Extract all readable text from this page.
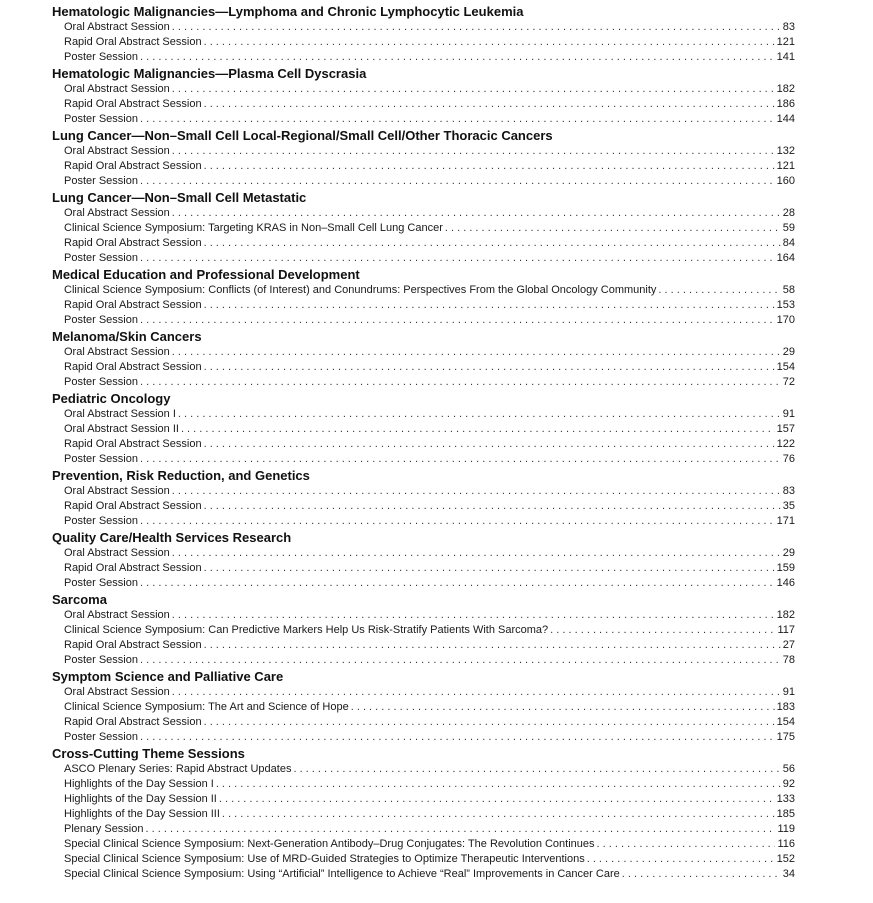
Hematologic Malignancies—Lymphoma and Chronic Lymphocytic Leukemia
Oral Abstract Session . . .	83
Rapid Oral Abstract Session . . .	121
Poster Session . . .	141
Hematologic Malignancies—Plasma Cell Dyscrasia
Oral Abstract Session . . .	182
Rapid Oral Abstract Session . . .	186
Poster Session . . .	144
Lung Cancer—Non–Small Cell Local-Regional/Small Cell/Other Thoracic Cancers
Oral Abstract Session . . .	132
Rapid Oral Abstract Session . . .	121
Poster Session . . .	160
Lung Cancer—Non–Small Cell Metastatic
Oral Abstract Session . . .	28
Clinical Science Symposium: Targeting KRAS in Non–Small Cell Lung Cancer . . .	59
Rapid Oral Abstract Session . . .	84
Poster Session . . .	164
Medical Education and Professional Development
Clinical Science Symposium: Conflicts (of Interest) and Conundrums: Perspectives From the Global Oncology Community . . .	58
Rapid Oral Abstract Session . . .	153
Poster Session . . .	170
Melanoma/Skin Cancers
Oral Abstract Session . . .	29
Rapid Oral Abstract Session . . .	154
Poster Session . . .	72
Pediatric Oncology
Oral Abstract Session I . . .	91
Oral Abstract Session II . . .	157
Rapid Oral Abstract Session . . .	122
Poster Session . . .	76
Prevention, Risk Reduction, and Genetics
Oral Abstract Session . . .	83
Rapid Oral Abstract Session . . .	35
Poster Session . . .	171
Quality Care/Health Services Research
Oral Abstract Session . . .	29
Rapid Oral Abstract Session . . .	159
Poster Session . . .	146
Sarcoma
Oral Abstract Session . . .	182
Clinical Science Symposium: Can Predictive Markers Help Us Risk-Stratify Patients With Sarcoma? . . .	117
Rapid Oral Abstract Session . . .	27
Poster Session . . .	78
Symptom Science and Palliative Care
Oral Abstract Session . . .	91
Clinical Science Symposium: The Art and Science of Hope . . .	183
Rapid Oral Abstract Session . . .	154
Poster Session . . .	175
Cross-Cutting Theme Sessions
ASCO Plenary Series: Rapid Abstract Updates . . .	56
Highlights of the Day Session I . . .	92
Highlights of the Day Session II . . .	133
Highlights of the Day Session III . . .	185
Plenary Session . . .	119
Special Clinical Science Symposium: Next-Generation Antibody–Drug Conjugates: The Revolution Continues . . .	116
Special Clinical Science Symposium: Use of MRD-Guided Strategies to Optimize Therapeutic Interventions . . .	152
Special Clinical Science Symposium: Using “Artificial” Intelligence to Achieve “Real” Improvements in Cancer Care . . .	34
